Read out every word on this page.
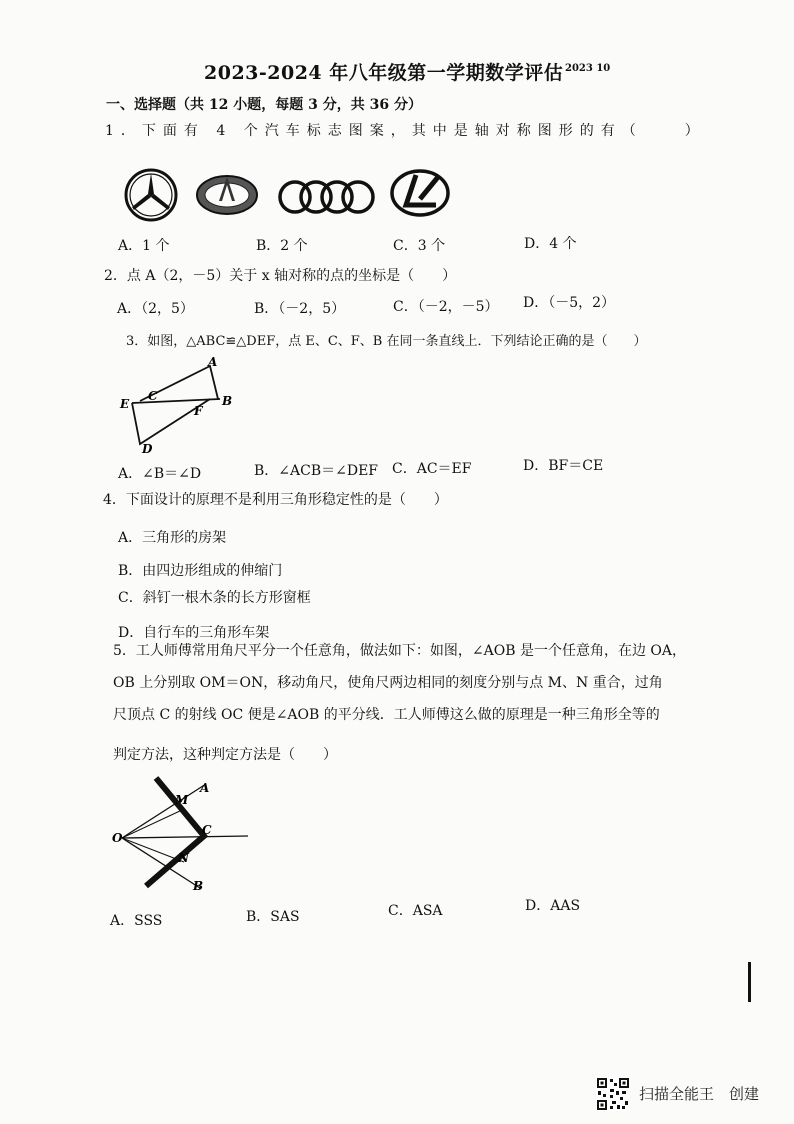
2023-2024 年八年级第一学期数学评估 2023 10
一、选择题（共 12 小题，每题 3 分，共 36 分）
1．下面有 4 个汽车标志图案，其中是轴对称图形的有（　　）
A．1 个	B．2 个	C．3 个	D．4 个
2．点 A（2，－5）关于 x 轴对称的点的坐标是（　　）
A．（2，5）	B．（－2，5）	C．（－2，－5） D．（－5，2）
3．如图，△ABC≌△DEF，点 E、C、F、B 在同一条直线上．下列结论正确的是（　　）
A
C
E	F
B
D
A．∠B＝∠D	B．∠ACB＝∠DEF C．AC＝EF	D．BF＝CE
4．下面设计的原理不是利用三角形稳定性的是（　　）
A．三角形的房架
B．由四边形组成的伸缩门
C．斜钉一根木条的长方形窗框
D．自行车的三角形车架
5．工人师傅常用角尺平分一个任意角，做法如下：如图，∠AOB 是一个任意角，在边 OA，
OB 上分别取 OM＝ON，移动角尺，使角尺两边相同的刻度分别与点 M、N 重合，过角
尺顶点 C 的射线 OC 便是∠AOB 的平分线．工人师傅这么做的原理是一种三角形全等的
判定方法，这种判定方法是（　　）
O
M
A
C
N
B
A．SSS	B．SAS	C．ASA	D．AAS
扫描全能王　创建
